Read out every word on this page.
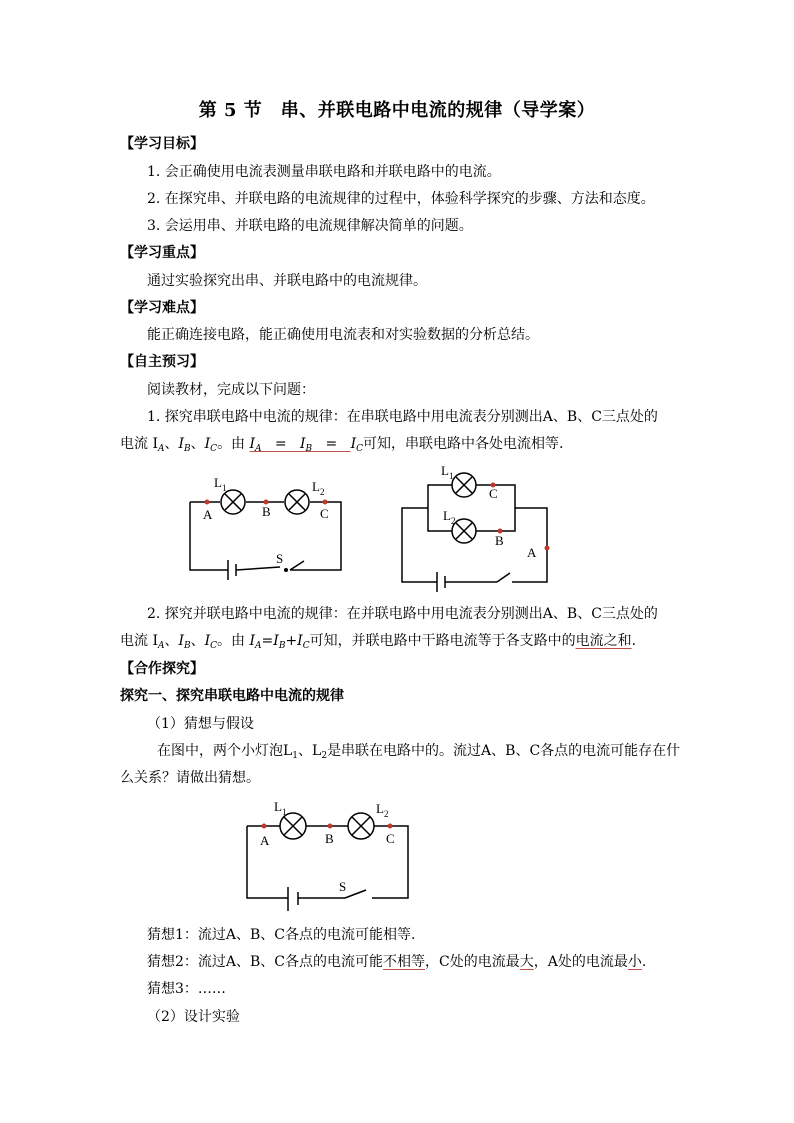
第 5 节　串、并联电路中电流的规律（导学案）
【学习目标】
1. 会正确使用电流表测量串联电路和并联电路中的电流。
2. 在探究串、并联电路的电流规律的过程中，体验科学探究的步骤、方法和态度。
3. 会运用串、并联电路的电流规律解决简单的问题。
【学习重点】
通过实验探究出串、并联电路中的电流规律。
【学习难点】
能正确连接电路，能正确使用电流表和对实验数据的分析总结。
【自主预习】
阅读教材，完成以下问题：
1. 探究串联电路中电流的规律：在串联电路中用电流表分别测出A、B、C三点处的
电流 $I_A$、$I_B$、$I_C$。由 $I_A = I_B = I_C$可知，串联电路中各处电流相等.
$L_1$	$L_2$
A	B	C
S
$L_1$
$L_2$
C
B
A
2. 探究并联电路中电流的规律：在并联电路中用电流表分别测出A、B、C三点处的
电流 $I_A$、$I_B$、$I_C$。由 $I_A=I_B+I_C$可知，并联电路中干路电流等于各支路中的电流之和.
【合作探究】
探究一、探究串联电路中电流的规律
（1）猜想与假设
在图中，两个小灯泡$L_1$、$L_2$是串联在电路中的。流过A、B、C各点的电流可能存在什
么关系？请做出猜想。
$L_1$	$L_2$
A	B	C
S
猜想1：流过A、B、C各点的电流可能相等.
猜想2：流过A、B、C各点的电流可能不相等，C处的电流最大，A处的电流最小.
猜想3：……
（2）设计实验
